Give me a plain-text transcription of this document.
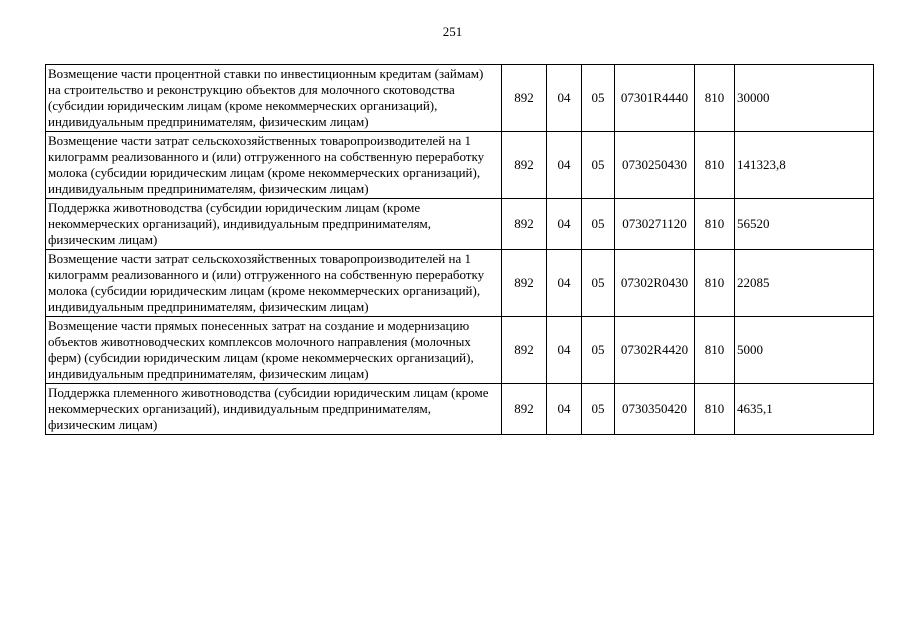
251
Возмещение части процентной ставки по инвестиционным кредитам (займам) на строительство и реконструкцию объектов для молочного скотоводства (субсидии юридическим лицам (кроме некоммерческих организаций), индивидуальным предпринимателям, физическим лицам)	892	04	05	07301R4440	810	30000
Возмещение части затрат сельскохозяйственных товаропроизводителей на 1 килограмм реализованного и (или) отгруженного на собственную переработку молока (субсидии юридическим лицам (кроме некоммерческих организаций), индивидуальным предпринимателям, физическим лицам)	892	04	05	0730250430	810	141323,8
Поддержка животноводства (субсидии юридическим лицам (кроме некоммерческих организаций), индивидуальным предпринимателям, физическим лицам)	892	04	05	0730271120	810	56520
Возмещение части затрат сельскохозяйственных товаропроизводителей на 1 килограмм реализованного и (или) отгруженного на собственную переработку молока (субсидии юридическим лицам (кроме некоммерческих организаций), индивидуальным предпринимателям, физическим лицам)	892	04	05	07302R0430	810	22085
Возмещение части прямых понесенных затрат на создание и модернизацию объектов животноводческих комплексов молочного направления (молочных ферм) (субсидии юридическим лицам (кроме некоммерческих организаций), индивидуальным предпринимателям, физическим лицам)	892	04	05	07302R4420	810	5000
Поддержка племенного животноводства (субсидии юридическим лицам (кроме некоммерческих организаций), индивидуальным предпринимателям, физическим лицам)	892	04	05	0730350420	810	4635,1
